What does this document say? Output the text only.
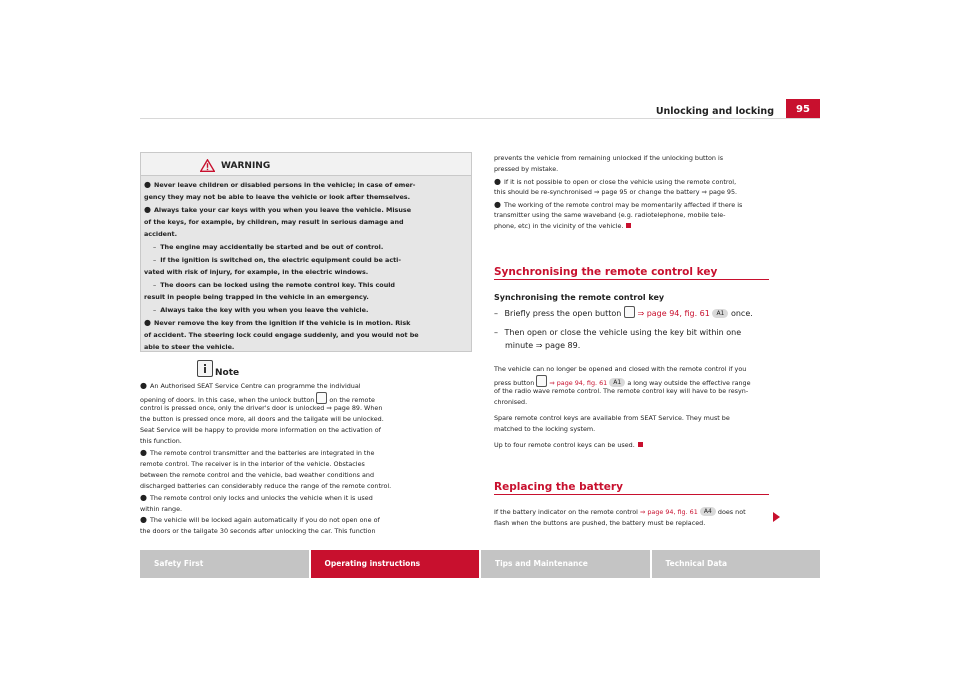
Unlocking and locking	95
WARNING
● Never leave children or disabled persons in the vehicle; in case of emer-
gency they may not be able to leave the vehicle or look after themselves.
● Always take your car keys with you when you leave the vehicle. Misuse
of the keys, for example, by children, may result in serious damage and
accident.
– The engine may accidentally be started and be out of control.
– If the ignition is switched on, the electric equipment could be acti-
vated with risk of injury, for example, in the electric windows.
– The doors can be locked using the remote control key. This could
result in people being trapped in the vehicle in an emergency.
– Always take the key with you when you leave the vehicle.
● Never remove the key from the ignition if the vehicle is in motion. Risk
of accident. The steering lock could engage suddenly, and you would not be
able to steer the vehicle.
Note
● An Authorised SEAT Service Centre can programme the individual
opening of doors. In this case, when the unlock button on the remote
control is pressed once, only the driver's door is unlocked ⇒ page 89. When
the button is pressed once more, all doors and the tailgate will be unlocked.
Seat Service will be happy to provide more information on the activation of
this function.
● The remote control transmitter and the batteries are integrated in the
remote control. The receiver is in the interior of the vehicle. Obstacles
between the remote control and the vehicle, bad weather conditions and
discharged batteries can considerably reduce the range of the remote control.
● The remote control only locks and unlocks the vehicle when it is used
within range.
● The vehicle will be locked again automatically if you do not open one of
the doors or the tailgate 30 seconds after unlocking the car. This function
prevents the vehicle from remaining unlocked if the unlocking button is
pressed by mistake.
● If it is not possible to open or close the vehicle using the remote control,
this should be re-synchronised ⇒ page 95 or change the battery ⇒ page 95.
● The working of the remote control may be momentarily affected if there is
transmitter using the same waveband (e.g. radiotelephone, mobile tele-
phone, etc) in the vicinity of the vehicle.
Synchronising the remote control key
Synchronising the remote control key
– Briefly press the open button ⇒ page 94, fig. 61 A1 once.
– Then open or close the vehicle using the key bit within one
minute ⇒ page 89.
The vehicle can no longer be opened and closed with the remote control if you
press button ⇒ page 94, fig. 61 A1 a long way outside the effective range
of the radio wave remote control. The remote control key will have to be resyn-
chronised.
Spare remote control keys are available from SEAT Service. They must be
matched to the locking system.
Up to four remote control keys can be used.
Replacing the battery
If the battery indicator on the remote control ⇒ page 94, fig. 61 A4 does not
flash when the buttons are pushed, the battery must be replaced.
Safety First	Operating instructions	Tips and Maintenance	Technical Data
